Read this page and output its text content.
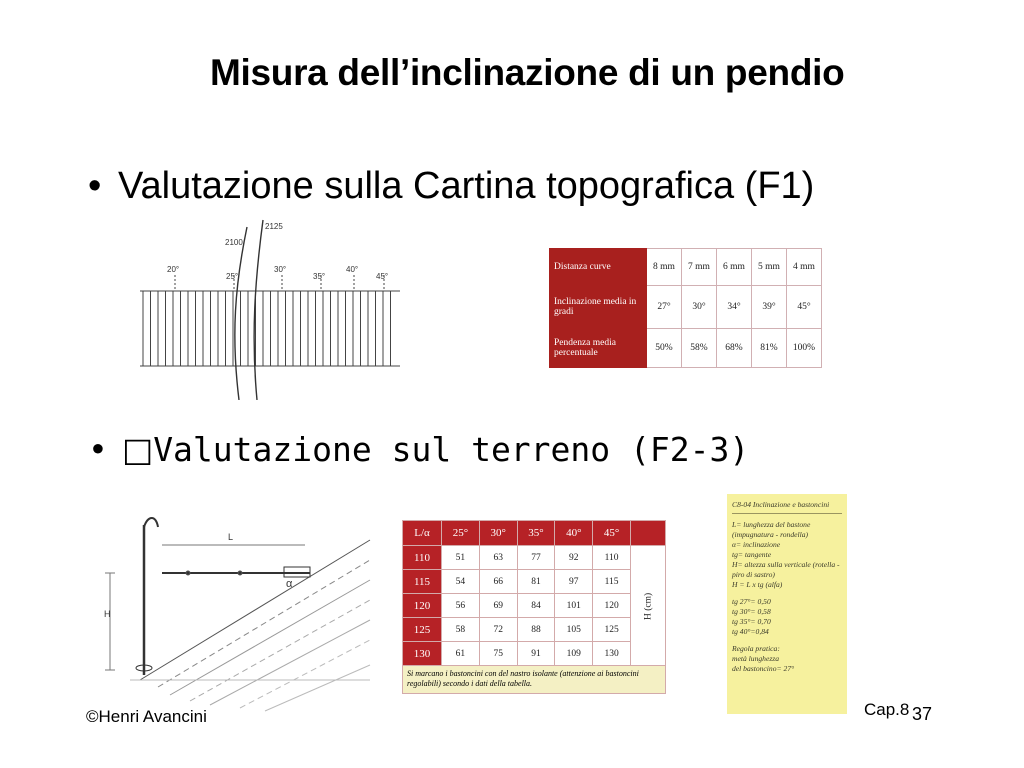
Misura dell’inclinazione di un pendio
• Valutazione sulla Cartina topografica (F1)
2100
2125
20°
25°
30°
35°
40°
45°
Distanza curve	8 mm	7 mm	6 mm	5 mm	4 mm
Inclinazione media in gradi	27°	30°	34°	39°	45°
Pendenza media percentuale	50%	58%	68%	81%	100%
• □Valutazione sul terreno (F2-3)
L
H
α
L/α	25°	30°	35°	40°	45°	
110	51	63	77	92	110	H (cm)
115	54	66	81	97	115	
120	56	69	84	101	120	
125	58	72	88	105	125	
130	61	75	91	109	130	
Si marcano i bastoncini con del nastro isolante (attenzione ai bastoncini regolabili) secondo i dati della tabella.
C8-04 Inclinazione e bastoncini

L= lunghezza del bastone (impugnatura - rondella)
α= inclinazione
tg= tangente
H= altezza sulla verticale (rotella - piro di sastro)
H = L x tg (alfa)

tg 27°= 0,50
tg 30°= 0,58
tg 35°= 0,70
tg 40°=0,84

Regola pratica:
metà lunghezza
del bastoncino= 27°

©Henri Avancini	Cap.8 37
